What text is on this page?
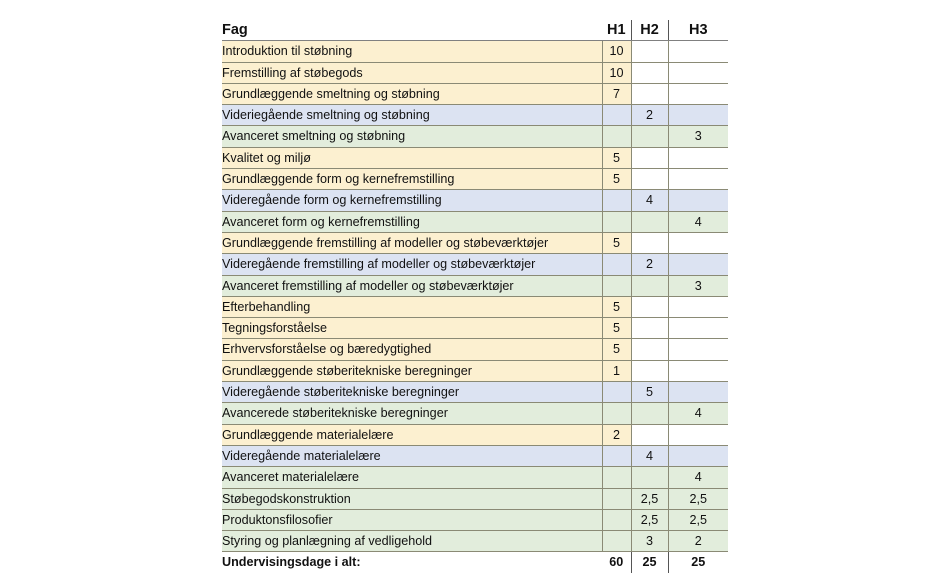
Fag	H1	H2	H3
Introduktion til støbning	10		
Fremstilling af støbegods	10		
Grundlæggende smeltning og støbning	7		
Videriegående smeltning og støbning		2	
Avanceret smeltning og støbning			3
Kvalitet og miljø	5		
Grundlæggende form og kernefremstilling	5		
Videregående form og kernefremstilling		4	
Avanceret form og kernefremstilling			4
Grundlæggende fremstilling af modeller og støbeværktøjer	5		
Videregående fremstilling af modeller og støbeværktøjer		2	
Avanceret fremstilling af modeller og støbeværktøjer			3
Efterbehandling	5		
Tegningsforståelse	5		
Erhvervsforståelse og bæredygtighed	5		
Grundlæggende støberitekniske beregninger	1		
Videregående støberitekniske beregninger		5	
Avancerede støberitekniske beregninger			4
Grundlæggende materialelære	2		
Videregående materialelære		4	
Avanceret materialelære			4
Støbegodskonstruktion		2,5	2,5
Produktonsfilosofier		2,5	2,5
Styring og planlægning af vedligehold		3	2
Undervisingsdage i alt:	60	25	25
